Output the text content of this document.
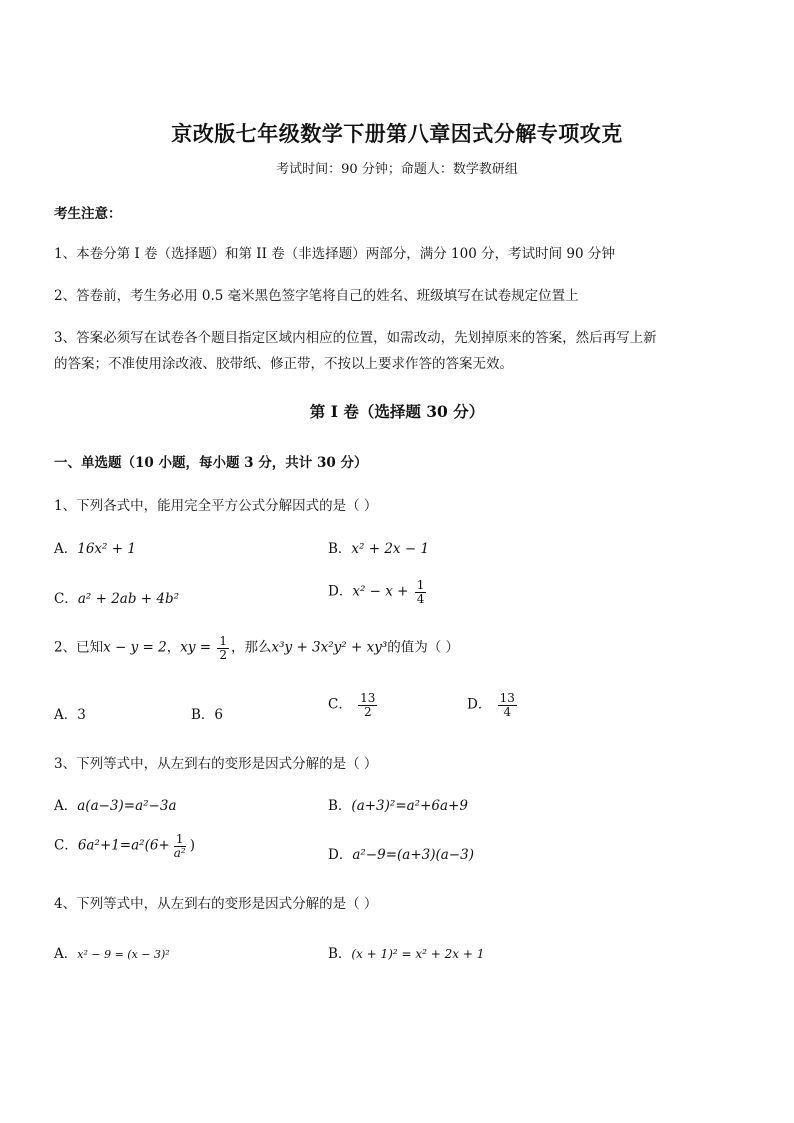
京改版七年级数学下册第八章因式分解专项攻克
考试时间：90 分钟；命题人：数学教研组
考生注意：
1、本卷分第 I 卷（选择题）和第 II 卷（非选择题）两部分，满分 100 分，考试时间 90 分钟
2、答卷前，考生务必用 0.5 毫米黑色签字笔将自己的姓名、班级填写在试卷规定位置上
3、答案必须写在试卷各个题目指定区域内相应的位置，如需改动，先划掉原来的答案，然后再写上新
的答案；不准使用涂改液、胶带纸、修正带，不按以上要求作答的答案无效。
第 I 卷（选择题 30 分）
一、单选题（10 小题，每小题 3 分，共计 30 分）
1、下列各式中，能用完全平方公式分解因式的是（ ）
A．16x² + 1	B．x² + 2x − 1
C．a² + 2ab + 4b²	D．$x^2 - x + \frac{1}{4}$
2、已知x − y = 2，xy = $\frac{1}{2}$ ，那么x³y + 3x²y² + xy³的值为（ ）
A．3	B．6
C． $\frac{13}{2}$	D． $\frac{13}{4}$
3、下列等式中，从左到右的变形是因式分解的是（ ）
A．a(a−3)=a²−3a	B．(a+3)²=a²+6a+9
C．$6a^2+1=a^2(6+ \frac{1}{\text{a²}}$ )
D．a²−9=(a+3)(a−3)
4、下列等式中，从左到右的变形是因式分解的是（ ）
A．x² − 9 = (x − 3)²	B．(x + 1)² = x² + 2x + 1
